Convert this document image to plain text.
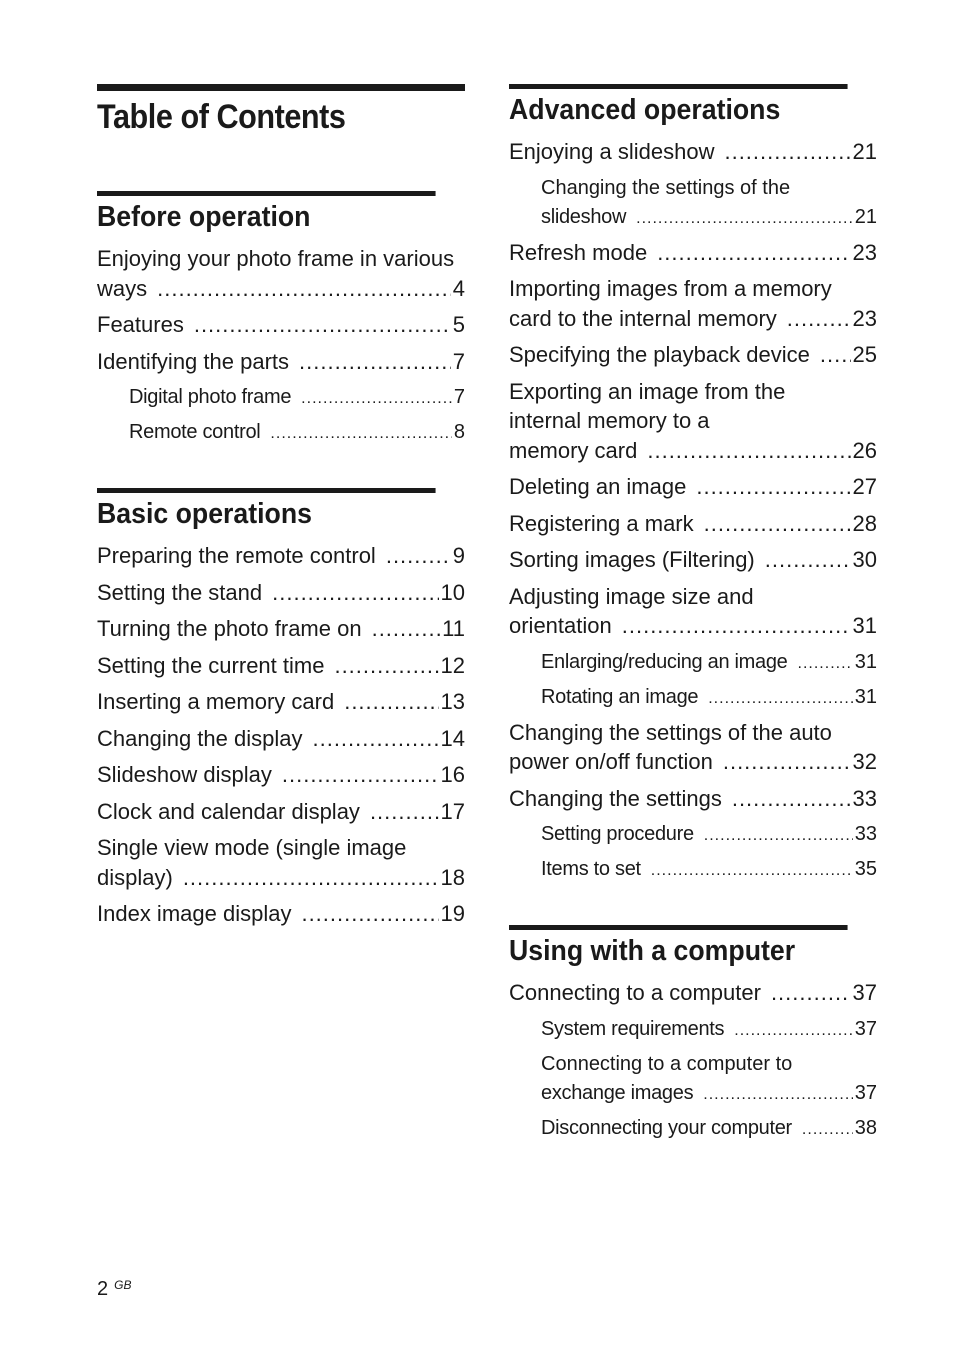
Table of Contents
Before operation
Enjoying your photo frame in various
ways .....	4
Features .....	5
Identifying the parts .....	7
Digital photo frame .....	7
Remote control .....	8
Basic operations
Preparing the remote control .....	9
Setting the stand .....	10
Turning the photo frame on .....	11
Setting the current time .....	12
Inserting a memory card .....	13
Changing the display .....	14
Slideshow display .....	16
Clock and calendar display .....	17
Single view mode (single image
display) .....	18
Index image display .....	19
Advanced operations
Enjoying a slideshow .....	21
Changing the settings of the
slideshow .....	21
Refresh mode .....	23
Importing images from a memory
card to the internal memory .....	23
Specifying the playback device ..... 25
Exporting an image from the
internal memory to a
memory card .....	26
Deleting an image .....	27
Registering a mark .....	28
Sorting images (Filtering) .....	30
Adjusting image size and
orientation .....	31
Enlarging/reducing an image .....	31
Rotating an image .....	31
Changing the settings of the auto
power on/off function .....	32
Changing the settings .....	33
Setting procedure .....	33
Items to set .....	35
Using with a computer
Connecting to a computer .....	37
System requirements .....	37
Connecting to a computer to
exchange images .....	37
Disconnecting your computer .....	38
2 $^{GB}$
